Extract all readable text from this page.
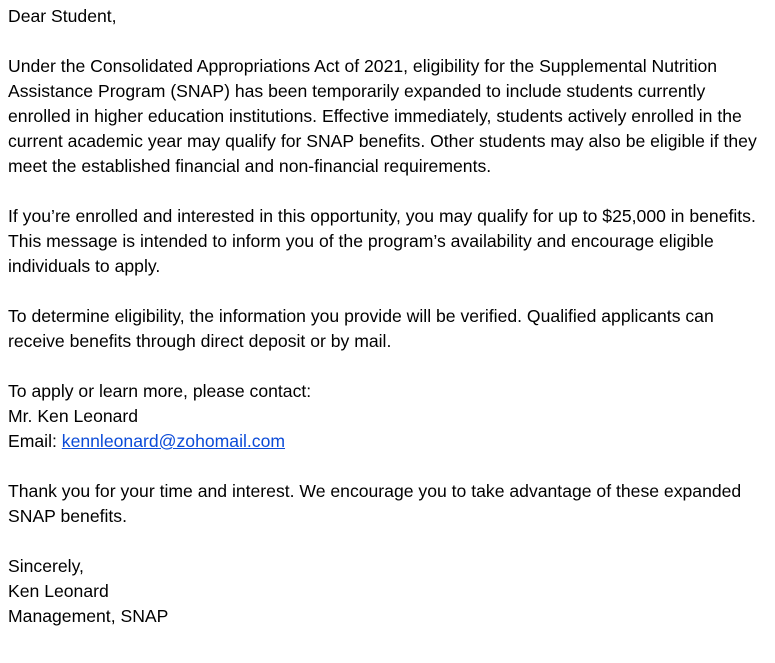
Dear Student,

Under the Consolidated Appropriations Act of 2021, eligibility for the Supplemental Nutrition Assistance Program (SNAP) has been temporarily expanded to include students currently enrolled in higher education institutions. Effective immediately, students actively enrolled in the current academic year may qualify for SNAP benefits. Other students may also be eligible if they meet the established financial and non-financial requirements.

If you’re enrolled and interested in this opportunity, you may qualify for up to $25,000 in benefits. This message is intended to inform you of the program’s availability and encourage eligible individuals to apply.

To determine eligibility, the information you provide will be verified. Qualified applicants can receive benefits through direct deposit or by mail.

To apply or learn more, please contact:
Mr. Ken Leonard
Email: kennleonard@zohomail.com

Thank you for your time and interest. We encourage you to take advantage of these expanded SNAP benefits.

Sincerely,
Ken Leonard
Management, SNAP
